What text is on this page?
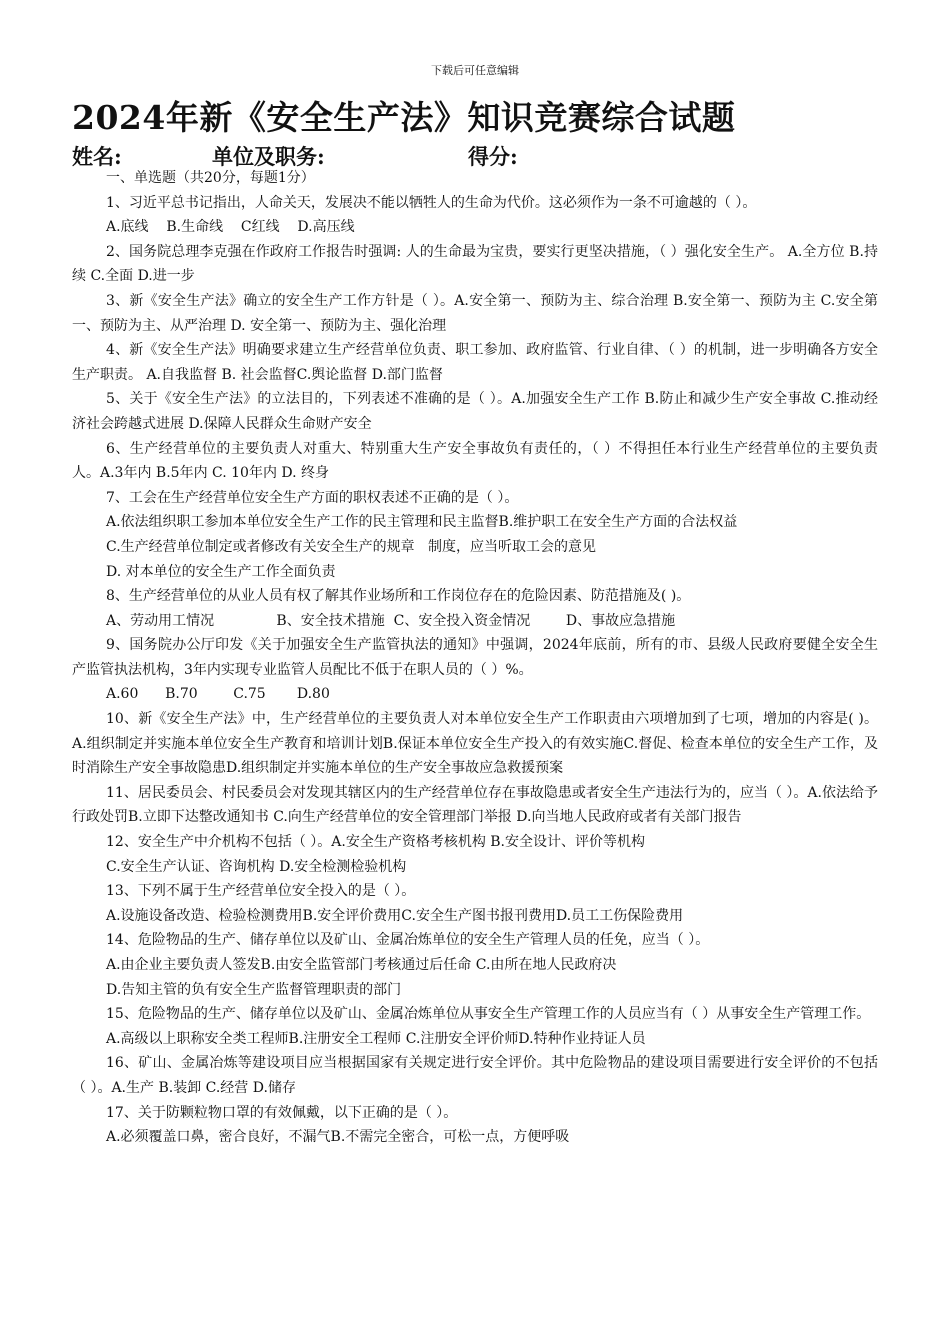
下载后可任意编辑
2024年新《安全生产法》知识竞赛综合试题
姓名:	单位及职务:	得分:

一、单选题（共20分，每题1分）

1、习近平总书记指出，人命关天，发展决不能以牺牲人的生命为代价。这必须作为一条不可逾越的（ ）。

A.底线    B.生命线    C红线    D.高压线

2、国务院总理李克强在作政府工作报告时强调: 人的生命最为宝贵，要实行更坚决措施，（ ）强化安全生产。 A.全方位 B.持续 C.全面 D.进一步

3、新《安全生产法》确立的安全生产工作方针是（ ）。A.安全第一、预防为主、综合治理 B.安全第一、预防为主 C.安全第一、预防为主、从严治理 D. 安全第一、预防为主、强化治理

4、新《安全生产法》明确要求建立生产经营单位负责、职工参加、政府监管、行业自律、（ ）的机制，进一步明确各方安全生产职责。 A.自我监督 B. 社会监督C.舆论监督 D.部门监督

5、关于《安全生产法》的立法目的，下列表述不准确的是（ ）。A.加强安全生产工作 B.防止和减少生产安全事故 C.推动经济社会跨越式进展 D.保障人民群众生命财产安全

6、生产经营单位的主要负责人对重大、特别重大生产安全事故负有责任的，（ ）不得担任本行业生产经营单位的主要负责人。A.3年内 B.5年内 C. 10年内 D. 终身

7、工会在生产经营单位安全生产方面的职权表述不正确的是（ ）。

A.依法组织职工参加本单位安全生产工作的民主管理和民主监督B.维护职工在安全生产方面的合法权益

C.生产经营单位制定或者修改有关安全生产的规章   制度，应当听取工会的意见

D. 对本单位的安全生产工作全面负责

8、生产经营单位的从业人员有权了解其作业场所和工作岗位存在的危险因素、防范措施及( )。

A、劳动用工情况              B、安全技术措施  C、安全投入资金情况        D、事故应急措施

9、国务院办公厅印发《关于加强安全生产监管执法的通知》中强调，2024年底前，所有的市、县级人民政府要健全安全生产监管执法机构，3年内实现专业监管人员配比不低于在职人员的（ ）%。

A.60      B.70        C.75       D.80

10、新《安全生产法》中，生产经营单位的主要负责人对本单位安全生产工作职责由六项增加到了七项，增加的内容是( )。A.组织制定并实施本单位安全生产教育和培训计划B.保证本单位安全生产投入的有效实施C.督促、检查本单位的安全生产工作，及时消除生产安全事故隐患D.组织制定并实施本单位的生产安全事故应急救援预案

11、居民委员会、村民委员会对发现其辖区内的生产经营单位存在事故隐患或者安全生产违法行为的，应当（ ）。A.依法给予行政处罚B.立即下达整改通知书 C.向生产经营单位的安全管理部门举报 D.向当地人民政府或者有关部门报告

12、安全生产中介机构不包括（ ）。A.安全生产资格考核机构 B.安全设计、评价等机构

C.安全生产认证、咨询机构 D.安全检测检验机构

13、下列不属于生产经营单位安全投入的是（ ）。

A.设施设备改造、检验检测费用B.安全评价费用C.安全生产图书报刊费用D.员工工伤保险费用

14、危险物品的生产、储存单位以及矿山、金属冶炼单位的安全生产管理人员的任免，应当（ ）。

A.由企业主要负责人签发B.由安全监管部门考核通过后任命 C.由所在地人民政府决

D.告知主管的负有安全生产监督管理职责的部门

15、危险物品的生产、储存单位以及矿山、金属冶炼单位从事安全生产管理工作的人员应当有（ ）从事安全生产管理工作。

A.高级以上职称安全类工程师B.注册安全工程师 C.注册安全评价师D.特种作业持证人员

16、矿山、金属冶炼等建设项目应当根据国家有关规定进行安全评价。其中危险物品的建设项目需要进行安全评价的不包括（ ）。A.生产 B.装卸 C.经营 D.储存

17、关于防颗粒物口罩的有效佩戴，以下正确的是（ ）。

A.必须覆盖口鼻，密合良好，不漏气B.不需完全密合，可松一点，方便呼吸
